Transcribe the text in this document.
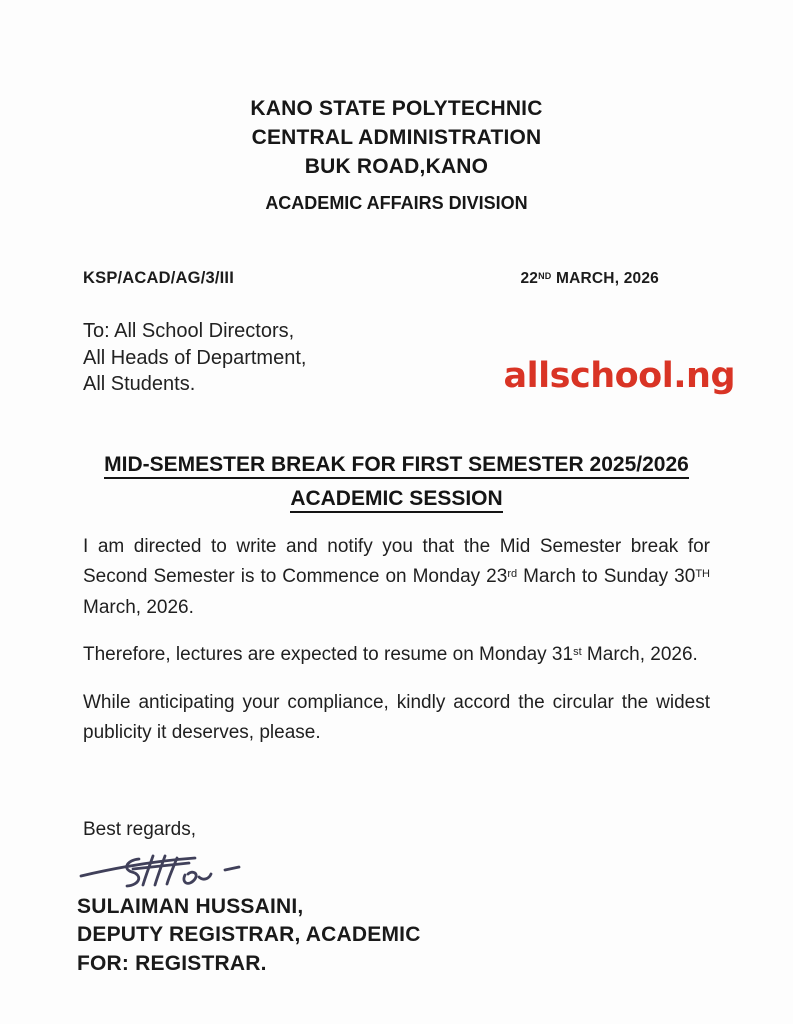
KANO STATE POLYTECHNIC
CENTRAL ADMINISTRATION
BUK ROAD,KANO
ACADEMIC AFFAIRS DIVISION
KSP/ACAD/AG/3/III	22ND MARCH, 2026
To: All School Directors,
All Heads of Department,
All Students.
MID-SEMESTER BREAK FOR FIRST SEMESTER 2025/2026
ACADEMIC SESSION

I am directed to write and notify you that the Mid Semester break for Second Semester is to Commence on Monday 23rd March to Sunday 30TH March, 2026.

Therefore, lectures are expected to resume on Monday 31st March, 2026.

While anticipating your compliance, kindly accord the circular the widest publicity it deserves, please.

Best regards,
SULAIMAN HUSSAINI,
DEPUTY REGISTRAR, ACADEMIC
FOR: REGISTRAR.
allschool.ng
